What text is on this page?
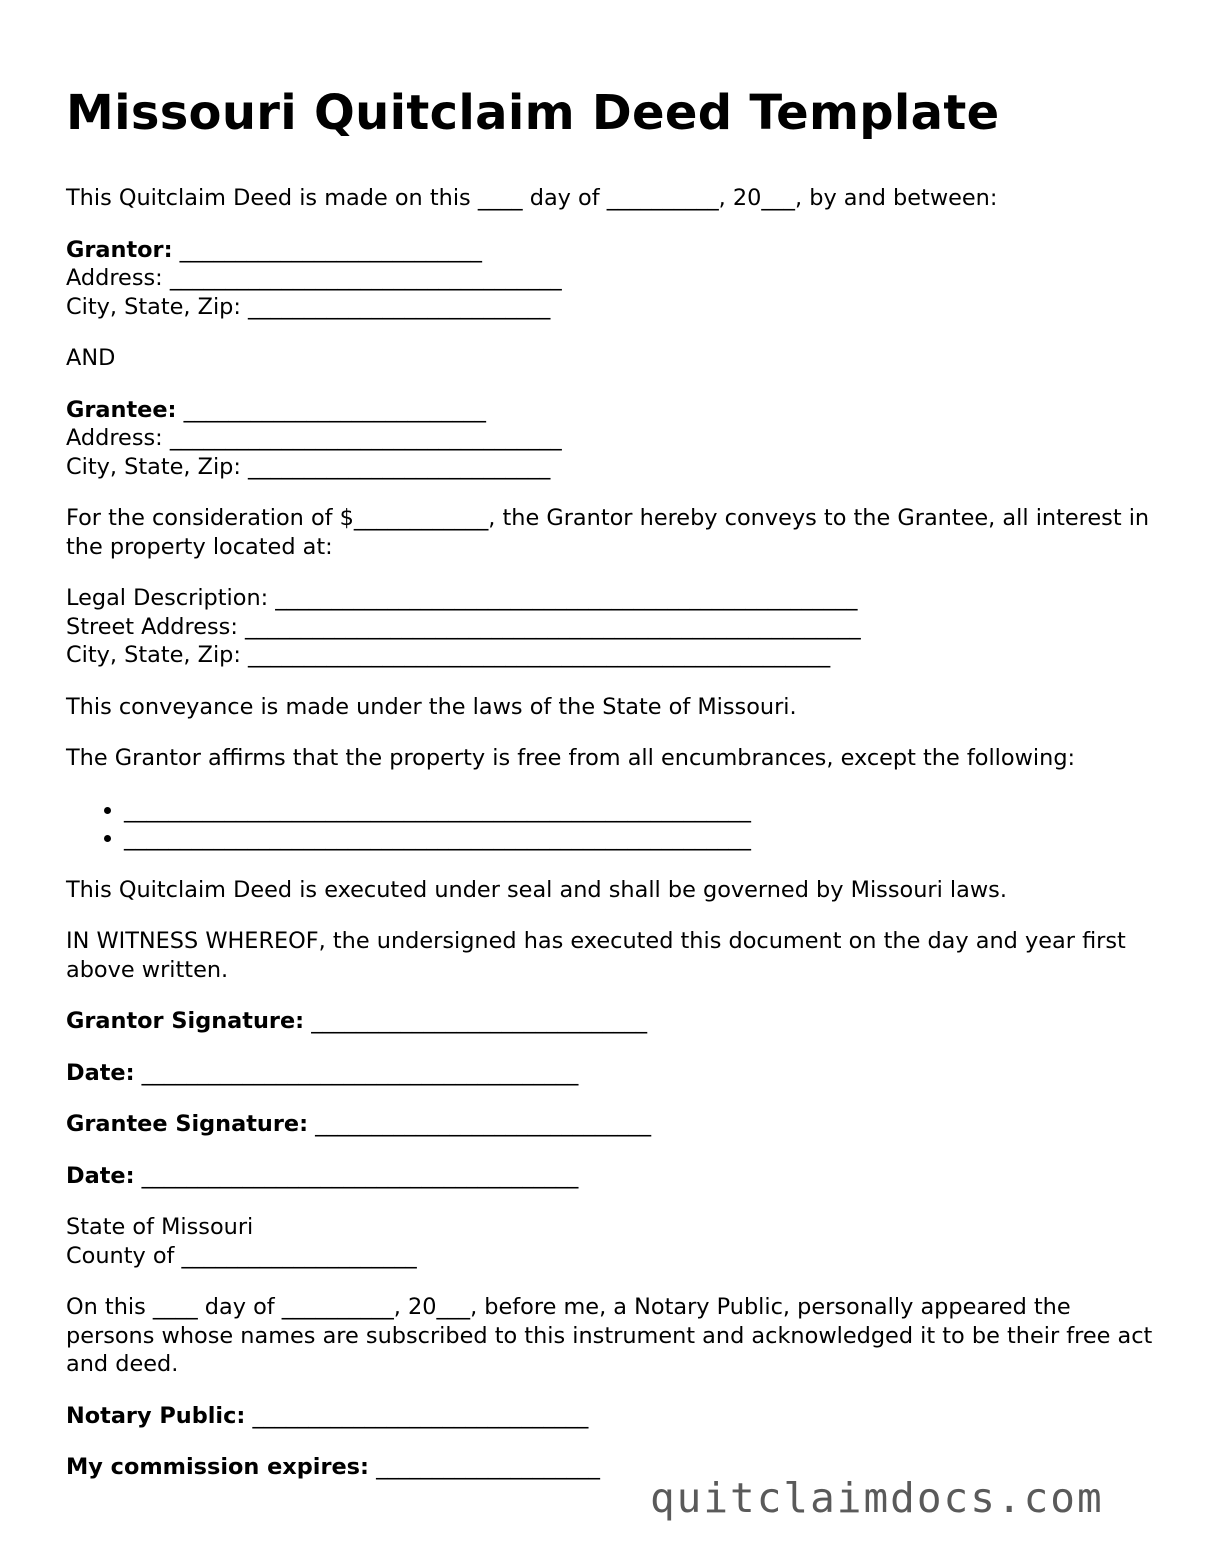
Missouri Quitclaim Deed Template

This Quitclaim Deed is made on this ____ day of __________, 20___, by and between:

Grantor: ___________________________
Address: ___________________________________
City, State, Zip: ___________________________

AND

Grantee: ___________________________
Address: ___________________________________
City, State, Zip: ___________________________

For the consideration of $____________, the Grantor hereby conveys to the Grantee, all interest in the property located at:

Legal Description: ____________________________________________________
Street Address: _______________________________________________________
City, State, Zip: ____________________________________________________

This conveyance is made under the laws of the State of Missouri.

The Grantor affirms that the property is free from all encumbrances, except the following:

• ________________________________________________________
• ________________________________________________________

This Quitclaim Deed is executed under seal and shall be governed by Missouri laws.

IN WITNESS WHEREOF, the undersigned has executed this document on the day and year first above written.

Grantor Signature: ______________________________

Date: _______________________________________

Grantee Signature: ______________________________

Date: _______________________________________

State of Missouri
County of _____________________

On this ____ day of __________, 20___, before me, a Notary Public, personally appeared the persons whose names are subscribed to this instrument and acknowledged it to be their free act and deed.

Notary Public: ______________________________

My commission expires: ____________________

quitclaimdocs.com
